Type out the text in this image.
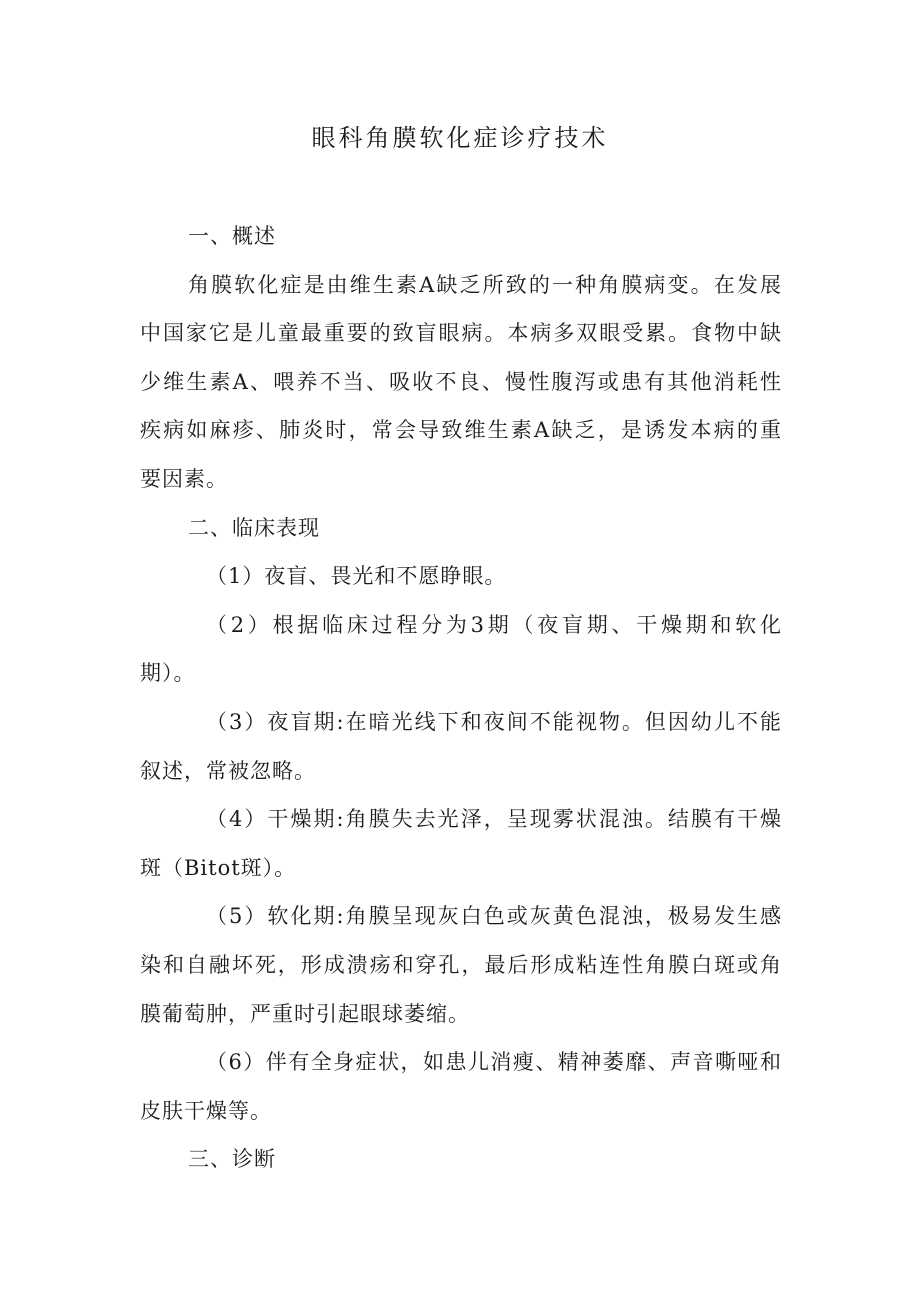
眼科角膜软化症诊疗技术

一、概述

角膜软化症是由维生素A缺乏所致的一种角膜病变。在发展

中国家它是儿童最重要的致盲眼病。本病多双眼受累。食物中缺

少维生素A、喂养不当、吸收不良、慢性腹泻或患有其他消耗性

疾病如麻疹、肺炎时，常会导致维生素A缺乏，是诱发本病的重

要因素。

二、临床表现

（1）夜盲、畏光和不愿睁眼。

（2）根据临床过程分为3期（夜盲期、干燥期和软化

期）。

（3）夜盲期:在暗光线下和夜间不能视物。但因幼儿不能

叙述，常被忽略。

（4）干燥期:角膜失去光泽，呈现雾状混浊。结膜有干燥

斑（Bitot斑）。

（5）软化期:角膜呈现灰白色或灰黄色混浊，极易发生感

染和自融坏死，形成溃疡和穿孔，最后形成粘连性角膜白斑或角

膜葡萄肿，严重时引起眼球萎缩。

（6）伴有全身症状，如患儿消瘦、精神萎靡、声音嘶哑和

皮肤干燥等。

三、诊断
